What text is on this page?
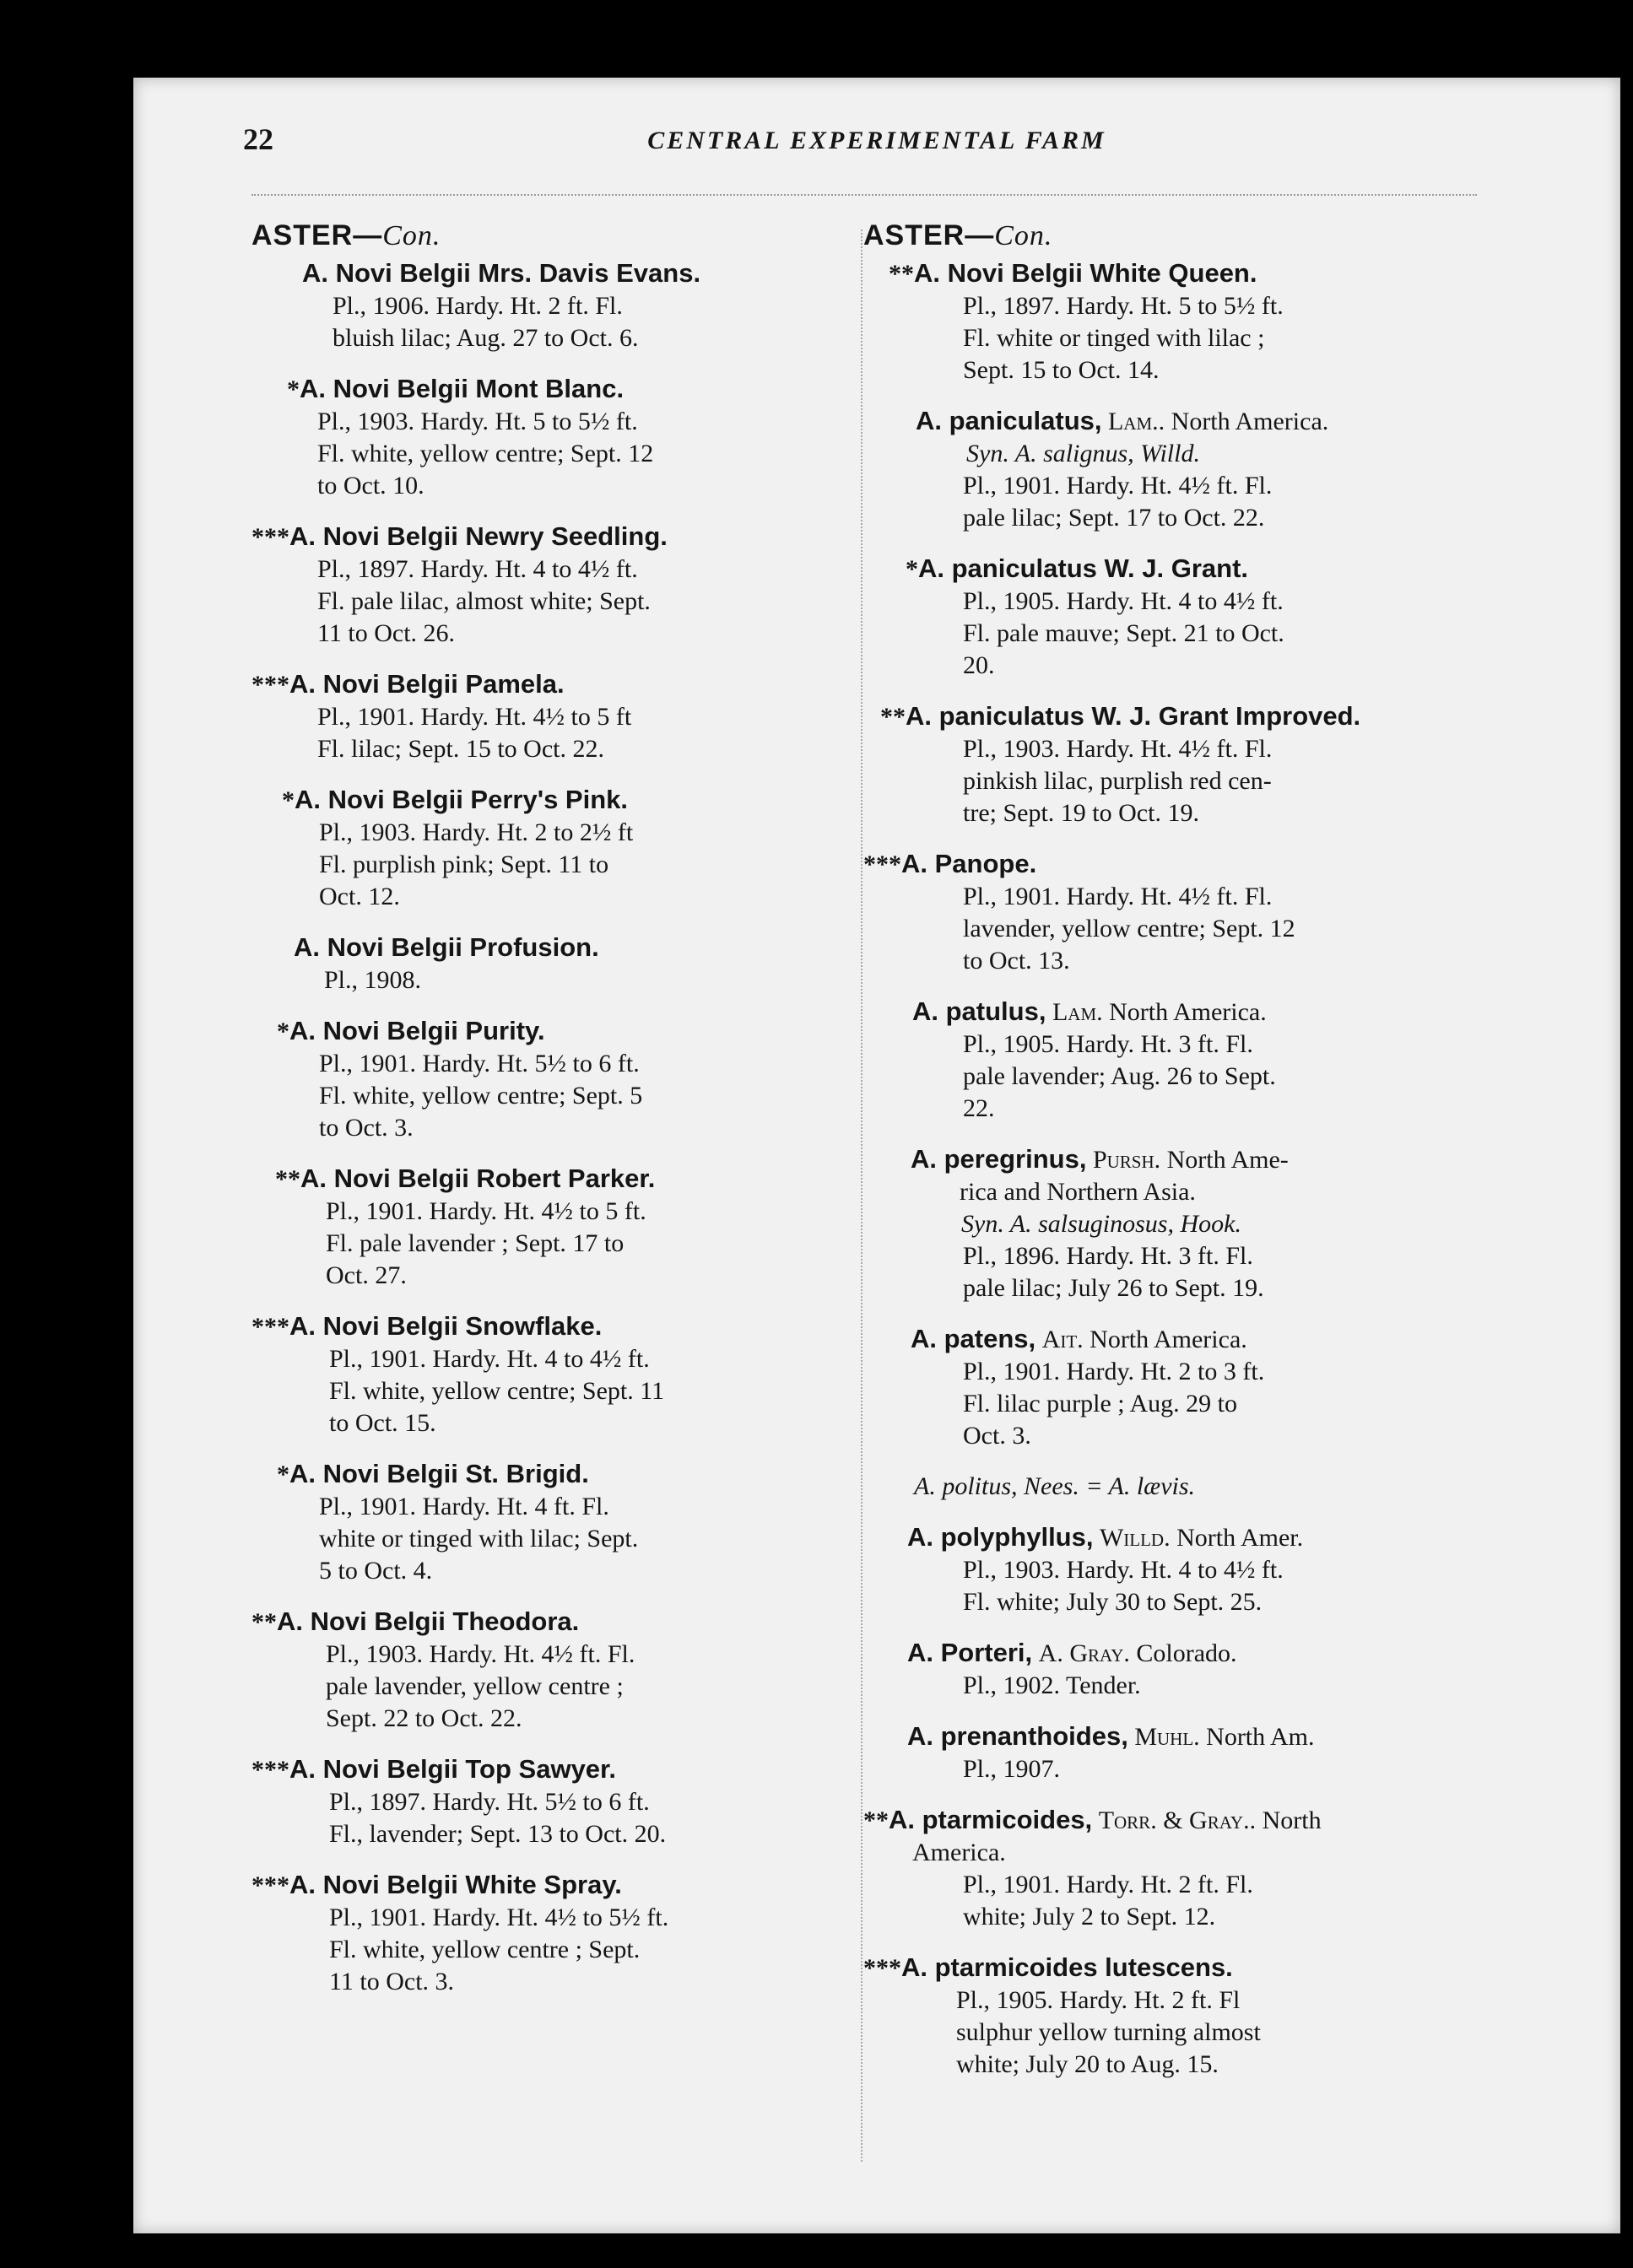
22	CENTRAL EXPERIMENTAL FARM
ASTER—Con.
A. Novi Belgii Mrs. Davis Evans.
Pl., 1906. Hardy. Ht. 2 ft. Fl.
bluish lilac; Aug. 27 to Oct. 6.
*A. Novi Belgii Mont Blanc.
Pl., 1903. Hardy. Ht. 5 to 5½ ft.
Fl. white, yellow centre; Sept. 12
to Oct. 10.
***A. Novi Belgii Newry Seedling.
Pl., 1897. Hardy. Ht. 4 to 4½ ft.
Fl. pale lilac, almost white; Sept.
11 to Oct. 26.
***A. Novi Belgii Pamela.
Pl., 1901. Hardy. Ht. 4½ to 5 ft
Fl. lilac; Sept. 15 to Oct. 22.
*A. Novi Belgii Perry's Pink.
Pl., 1903. Hardy. Ht. 2 to 2½ ft
Fl. purplish pink; Sept. 11 to
Oct. 12.
A. Novi Belgii Profusion.
Pl., 1908.
*A. Novi Belgii Purity.
Pl., 1901. Hardy. Ht. 5½ to 6 ft.
Fl. white, yellow centre; Sept. 5
to Oct. 3.
**A. Novi Belgii Robert Parker.
Pl., 1901. Hardy. Ht. 4½ to 5 ft.
Fl. pale lavender ; Sept. 17 to
Oct. 27.
***A. Novi Belgii Snowflake.
Pl., 1901. Hardy. Ht. 4 to 4½ ft.
Fl. white, yellow centre; Sept. 11
to Oct. 15.
*A. Novi Belgii St. Brigid.
Pl., 1901. Hardy. Ht. 4 ft. Fl.
white or tinged with lilac; Sept.
5 to Oct. 4.
**A. Novi Belgii Theodora.
Pl., 1903. Hardy. Ht. 4½ ft. Fl.
pale lavender, yellow centre ;
Sept. 22 to Oct. 22.
***A. Novi Belgii Top Sawyer.
Pl., 1897. Hardy. Ht. 5½ to 6 ft.
Fl., lavender; Sept. 13 to Oct. 20.
***A. Novi Belgii White Spray.
Pl., 1901. Hardy. Ht. 4½ to 5½ ft.
Fl. white, yellow centre ; Sept.
11 to Oct. 3.
ASTER—Con.
**A. Novi Belgii White Queen.
Pl., 1897. Hardy. Ht. 5 to 5½ ft.
Fl. white or tinged with lilac ;
Sept. 15 to Oct. 14.
A. paniculatus, Lam.. North America.
Syn. A. salignus, Willd.
Pl., 1901. Hardy. Ht. 4½ ft. Fl.
pale lilac; Sept. 17 to Oct. 22.
*A. paniculatus W. J. Grant.
Pl., 1905. Hardy. Ht. 4 to 4½ ft.
Fl. pale mauve; Sept. 21 to Oct.
20.
**A. paniculatus W. J. Grant Improved.
Pl., 1903. Hardy. Ht. 4½ ft. Fl.
pinkish lilac, purplish red cen-
tre; Sept. 19 to Oct. 19.
***A. Panope.
Pl., 1901. Hardy. Ht. 4½ ft. Fl.
lavender, yellow centre; Sept. 12
to Oct. 13.
A. patulus, Lam. North America.
Pl., 1905. Hardy. Ht. 3 ft. Fl.
pale lavender; Aug. 26 to Sept.
22.
A. peregrinus, Pursh. North Ame-
rica and Northern Asia.
Syn. A. salsuginosus, Hook.
Pl., 1896. Hardy. Ht. 3 ft. Fl.
pale lilac; July 26 to Sept. 19.
A. patens, Ait. North America.
Pl., 1901. Hardy. Ht. 2 to 3 ft.
Fl. lilac purple ; Aug. 29 to
Oct. 3.
A. politus, Nees. = A. lævis.
A. polyphyllus, Willd. North Amer.
Pl., 1903. Hardy. Ht. 4 to 4½ ft.
Fl. white; July 30 to Sept. 25.
A. Porteri, A. Gray. Colorado.
Pl., 1902. Tender.
A. prenanthoides, Muhl. North Am.
Pl., 1907.
**A. ptarmicoides, Torr. & Gray.. North
America.
Pl., 1901. Hardy. Ht. 2 ft. Fl.
white; July 2 to Sept. 12.
***A. ptarmicoides lutescens.
Pl., 1905. Hardy. Ht. 2 ft. Fl
sulphur yellow turning almost
white; July 20 to Aug. 15.
